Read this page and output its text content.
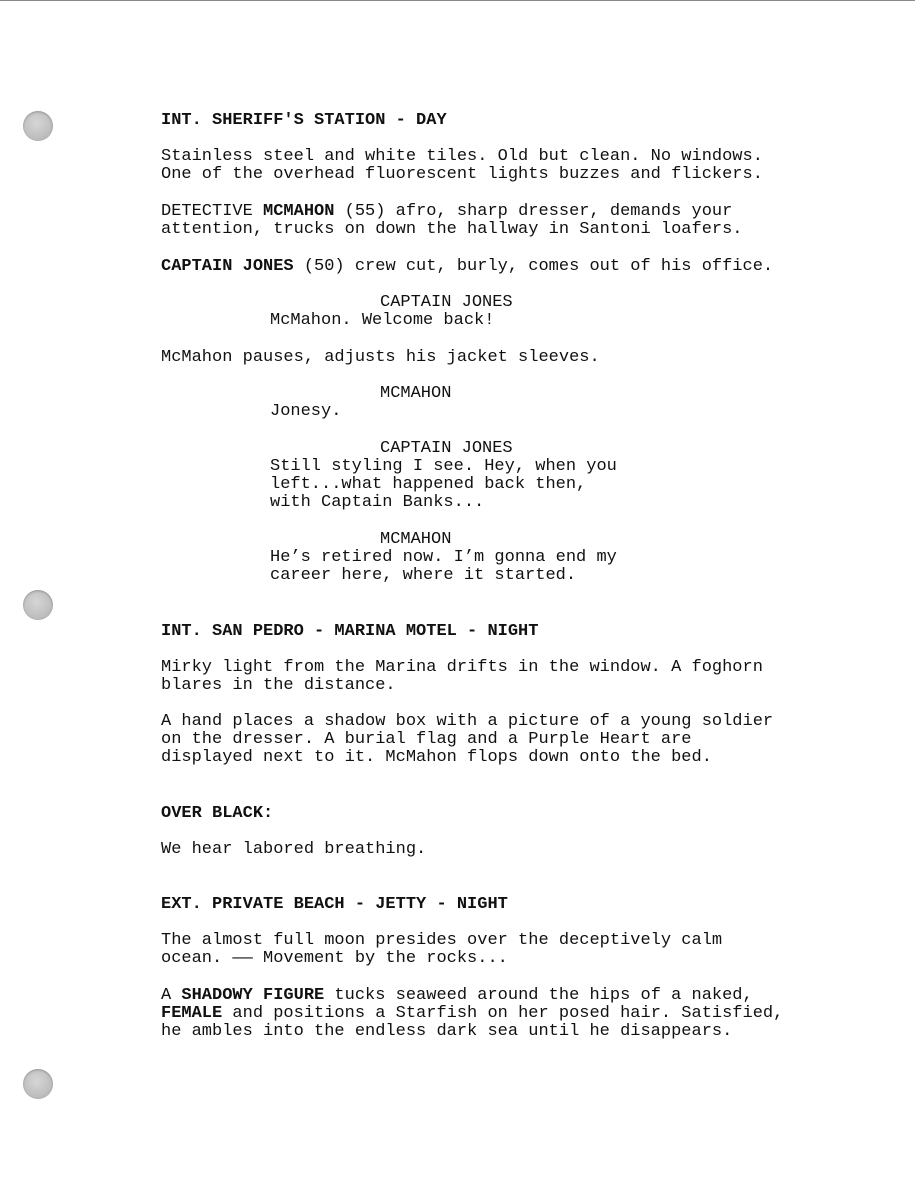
INT. SHERIFF'S STATION - DAY
Stainless steel and white tiles. Old but clean. No windows.
One of the overhead fluorescent lights buzzes and flickers.
DETECTIVE MCMAHON (55) afro, sharp dresser, demands your
attention, trucks on down the hallway in Santoni loafers.
CAPTAIN JONES (50) crew cut, burly, comes out of his office.
CAPTAIN JONES
McMahon. Welcome back!
McMahon pauses, adjusts his jacket sleeves.
MCMAHON
Jonesy.
CAPTAIN JONES
Still styling I see. Hey, when you
left...what happened back then,
with Captain Banks...
MCMAHON
He’s retired now. I’m gonna end my
career here, where it started.
INT. SAN PEDRO - MARINA MOTEL - NIGHT
Mirky light from the Marina drifts in the window. A foghorn
blares in the distance.
A hand places a shadow box with a picture of a young soldier
on the dresser. A burial flag and a Purple Heart are
displayed next to it. McMahon flops down onto the bed.
OVER BLACK:
We hear labored breathing.
EXT. PRIVATE BEACH - JETTY - NIGHT
The almost full moon presides over the deceptively calm
ocean. —— Movement by the rocks...
A SHADOWY FIGURE tucks seaweed around the hips of a naked,
FEMALE and positions a Starfish on her posed hair. Satisfied,
he ambles into the endless dark sea until he disappears.
